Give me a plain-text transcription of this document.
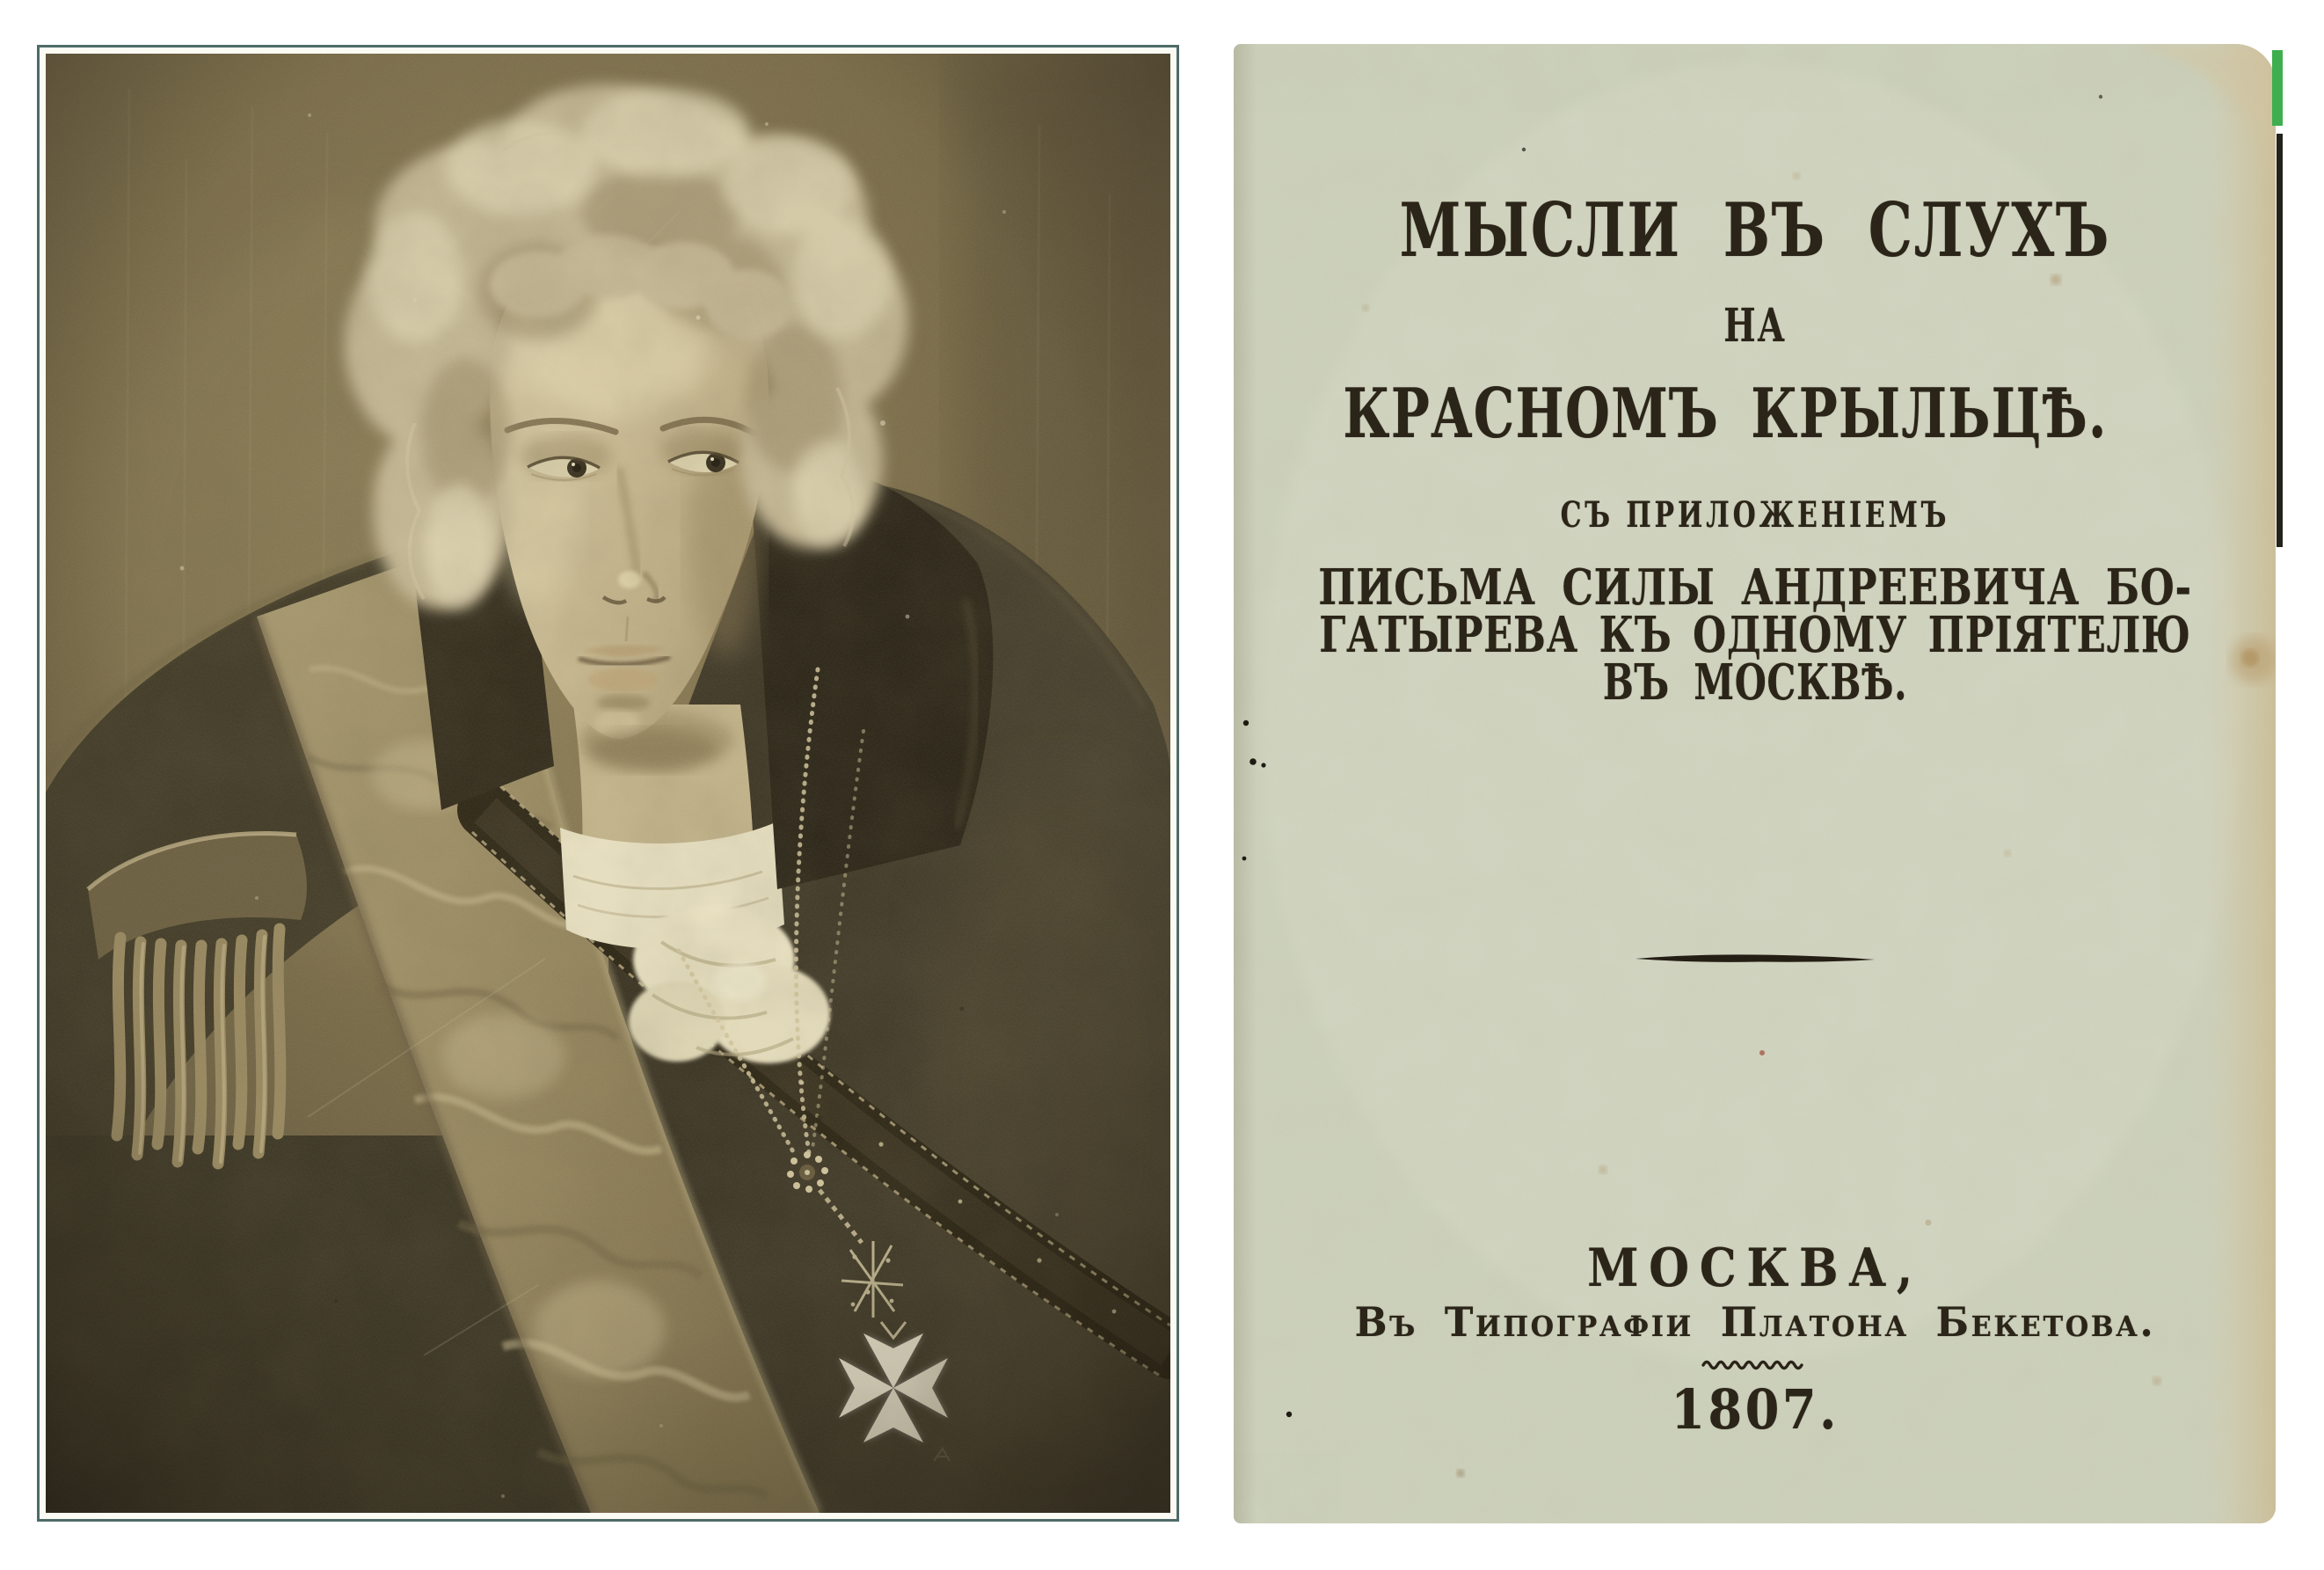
МЫСЛИ ВЪ СЛУХЪ
НА
КРАСНОМЪ КРЫЛЬЦѢ.
СЪ ПРИЛОЖЕНІЕМЪ
ПИСЬМА СИЛЫ АНДРЕЕВИЧА БО-
ГАТЫРЕВА КЪ ОДНОМУ ПРІЯТЕЛЮ
ВЪ МОСКВѢ.
МОСКВА,
Въ Типографіи Платона Бекетова.
1807.
